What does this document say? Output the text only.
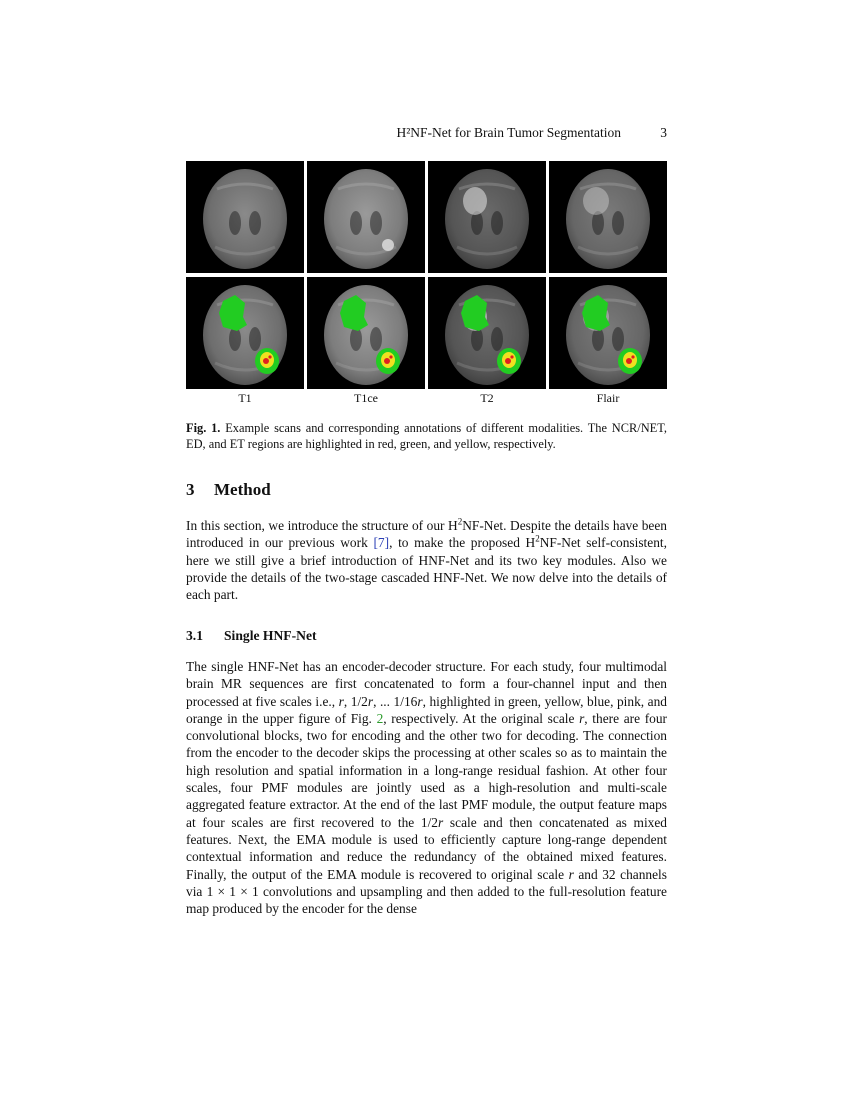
H²NF-Net for Brain Tumor Segmentation	3
T1	T1ce	T2	Flair
Fig. 1. Example scans and corresponding annotations of different modalities. The NCR/NET, ED, and ET regions are highlighted in red, green, and yellow, respectively.
3 Method

In this section, we introduce the structure of our $H^2NF$-Net. Despite the details have been introduced in our previous work [7], to make the proposed $H^2NF$-Net self-consistent, here we still give a brief introduction of HNF-Net and its two key modules. Also we provide the details of the two-stage cascaded HNF-Net. We now delve into the details of each part.

3.1 Single HNF-Net

The single HNF-Net has an encoder-decoder structure. For each study, four multimodal brain MR sequences are first concatenated to form a four-channel input and then processed at five scales i.e., r, 1/2r, ... 1/16r, highlighted in green, yellow, blue, pink, and orange in the upper figure of Fig. 2, respectively. At the original scale r, there are four convolutional blocks, two for encoding and the other two for decoding. The connection from the encoder to the decoder skips the processing at other scales so as to maintain the high resolution and spatial information in a long-range residual fashion. At other four scales, four PMF modules are jointly used as a high-resolution and multi-scale aggregated feature extractor. At the end of the last PMF module, the output feature maps at four scales are first recovered to the 1/2r scale and then concatenated as mixed features. Next, the EMA module is used to efficiently capture long-range dependent contextual information and reduce the redundancy of the obtained mixed features. Finally, the output of the EMA module is recovered to original scale r and 32 channels via 1 × 1 × 1 convolutions and upsampling and then added to the full-resolution feature map produced by the encoder for the dense
